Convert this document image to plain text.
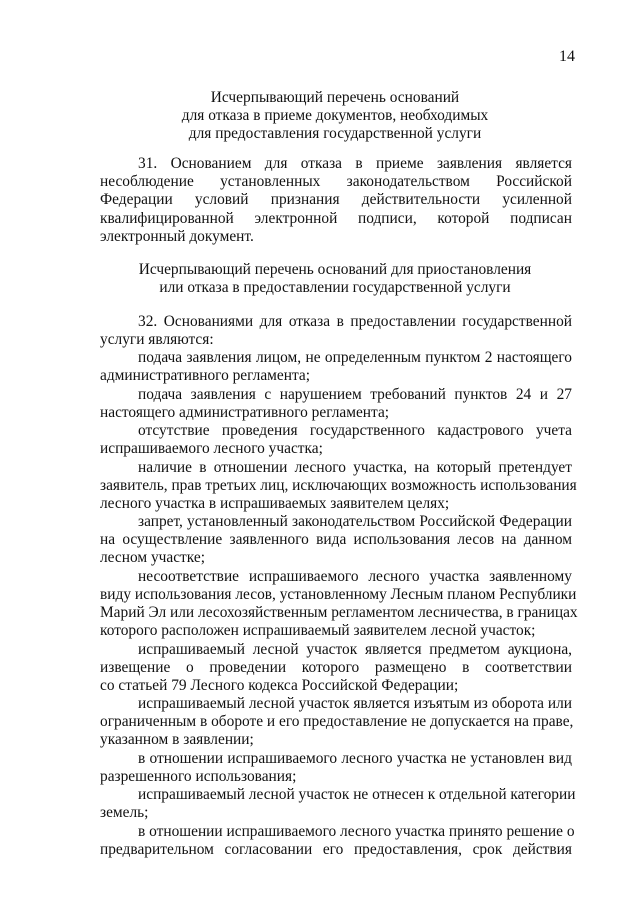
14
Исчерпывающий перечень оснований
для отказа в приеме документов, необходимых
для предоставления государственной услуги
31. Основанием для отказа в приеме заявления является
несоблюдение установленных законодательством Российской
Федерации условий признания действительности усиленной
квалифицированной электронной подписи, которой подписан
электронный документ.
Исчерпывающий перечень оснований для приостановления
или отказа в предоставлении государственной услуги
32. Основаниями для отказа в предоставлении государственной
услуги являются:
подача заявления лицом, не определенным пунктом 2 настоящего
административного регламента;
подача заявления с нарушением требований пунктов 24 и 27
настоящего административного регламента;
отсутствие проведения государственного кадастрового учета
испрашиваемого лесного участка;
наличие в отношении лесного участка, на который претендует
заявитель, прав третьих лиц, исключающих возможность использования
лесного участка в испрашиваемых заявителем целях;
запрет, установленный законодательством Российской Федерации
на осуществление заявленного вида использования лесов на данном
лесном участке;
несоответствие испрашиваемого лесного участка заявленному
виду использования лесов, установленному Лесным планом Республики
Марий Эл или лесохозяйственным регламентом лесничества, в границах
которого расположен испрашиваемый заявителем лесной участок;
испрашиваемый лесной участок является предметом аукциона,
извещение о проведении которого размещено в соответствии
со статьей 79 Лесного кодекса Российской Федерации;
испрашиваемый лесной участок является изъятым из оборота или
ограниченным в обороте и его предоставление не допускается на праве,
указанном в заявлении;
в отношении испрашиваемого лесного участка не установлен вид
разрешенного использования;
испрашиваемый лесной участок не отнесен к отдельной категории
земель;
в отношении испрашиваемого лесного участка принято решение о
предварительном согласовании его предоставления, срок действия
